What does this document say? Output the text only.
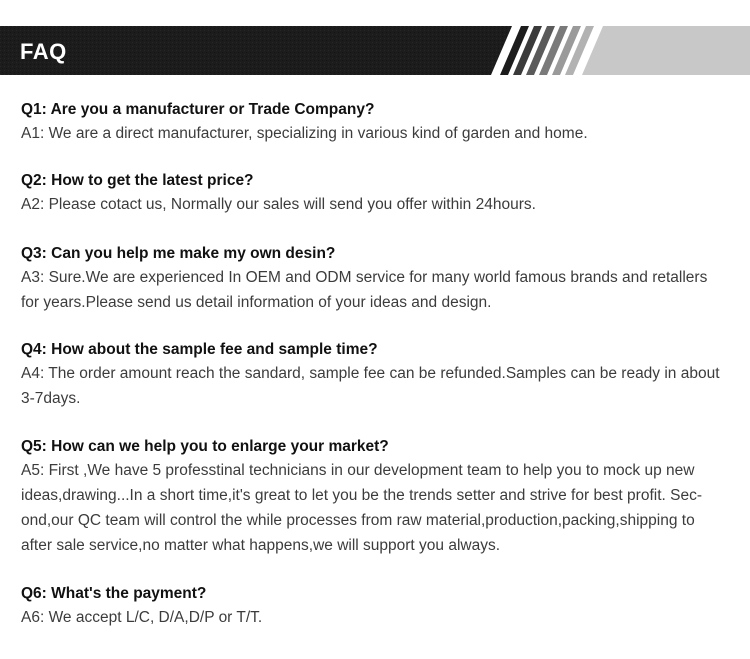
FAQ
Q1: Are you a manufacturer or Trade Company?
A1: We are a direct manufacturer, specializing in various kind of garden and home.
Q2: How to get the latest price?
A2: Please cotact us, Normally our sales will send you offer within 24hours.
Q3: Can you help me make my own desin?
A3: Sure.We are experienced In OEM and ODM service for many world famous brands and retallers for years.Please send us detail information of your ideas and design.
Q4: How about the sample fee and sample time?
A4: The order amount reach the sandard, sample fee can be refunded.Samples can be ready in about 3-7days.
Q5: How can we help you to enlarge your market?
A5: First ,We have 5 professtinal technicians in our development team to help you to mock up new ideas,drawing...In a short time,it's great to let you be the trends setter and strive for best profit. Sec-ond,our QC team will control the while processes from raw material,production,packing,shipping to after sale service,no matter what happens,we will support you always.
Q6: What's the payment?
A6: We accept L/C, D/A,D/P or T/T.
